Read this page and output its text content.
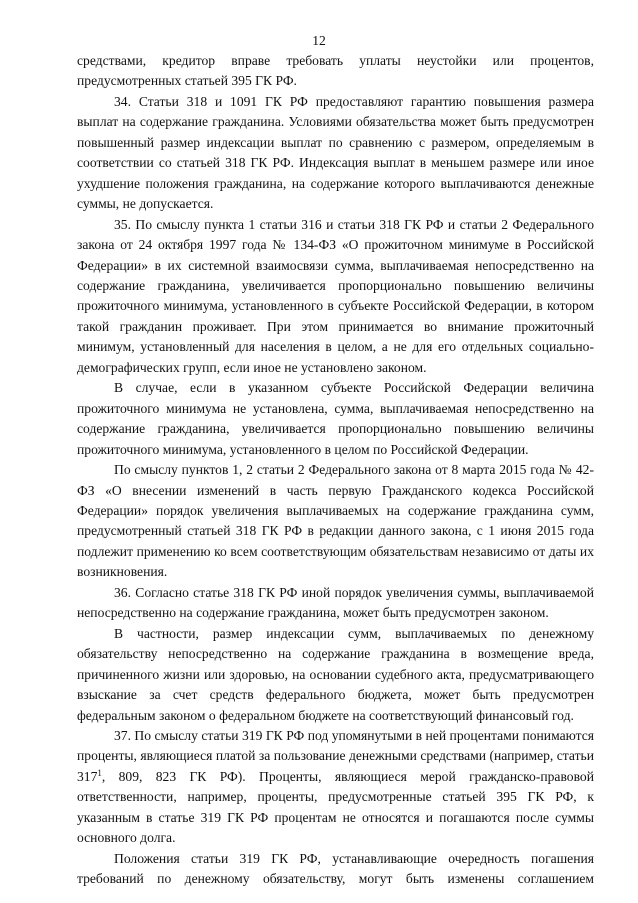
12

средствами, кредитор вправе требовать уплаты неустойки или процентов, предусмотренных статьей 395 ГК РФ.

34. Статьи 318 и 1091 ГК РФ предоставляют гарантию повышения размера выплат на содержание гражданина. Условиями обязательства может быть предусмотрен повышенный размер индексации выплат по сравнению с размером, определяемым в соответствии со статьей 318 ГК РФ. Индексация выплат в меньшем размере или иное ухудшение положения гражданина, на содержание которого выплачиваются денежные суммы, не допускается.

35. По смыслу пункта 1 статьи 316 и статьи 318 ГК РФ и статьи 2 Федерального закона от 24 октября 1997 года № 134-ФЗ «О прожиточном минимуме в Российской Федерации» в их системной взаимосвязи сумма, выплачиваемая непосредственно на содержание гражданина, увеличивается пропорционально повышению величины прожиточного минимума, установленного в субъекте Российской Федерации, в котором такой гражданин проживает. При этом принимается во внимание прожиточный минимум, установленный для населения в целом, а не для его отдельных социально-демографических групп, если иное не установлено законом.

В случае, если в указанном субъекте Российской Федерации величина прожиточного минимума не установлена, сумма, выплачиваемая непосредственно на содержание гражданина, увеличивается пропорционально повышению величины прожиточного минимума, установленного в целом по Российской Федерации.

По смыслу пунктов 1, 2 статьи 2 Федерального закона от 8 марта 2015 года № 42-ФЗ «О внесении изменений в часть первую Гражданского кодекса Российской Федерации» порядок увеличения выплачиваемых на содержание гражданина сумм, предусмотренный статьей 318 ГК РФ в редакции данного закона, с 1 июня 2015 года подлежит применению ко всем соответствующим обязательствам независимо от даты их возникновения.

36. Согласно статье 318 ГК РФ иной порядок увеличения суммы, выплачиваемой непосредственно на содержание гражданина, может быть предусмотрен законом.

В частности, размер индексации сумм, выплачиваемых по денежному обязательству непосредственно на содержание гражданина в возмещение вреда, причиненного жизни или здоровью, на основании судебного акта, предусматривающего взыскание за счет средств федерального бюджета, может быть предусмотрен федеральным законом о федеральном бюджете на соответствующий финансовый год.

37. По смыслу статьи 319 ГК РФ под упомянутыми в ней процентами понимаются проценты, являющиеся платой за пользование денежными средствами (например, статьи $317^1$, 809, 823 ГК РФ). Проценты, являющиеся мерой гражданско-правовой ответственности, например, проценты, предусмотренные статьей 395 ГК РФ, к указанным в статье 319 ГК РФ процентам не относятся и погашаются после суммы основного долга.

Положения статьи 319 ГК РФ, устанавливающие очередность погашения требований по денежному обязательству, могут быть изменены соглашением
